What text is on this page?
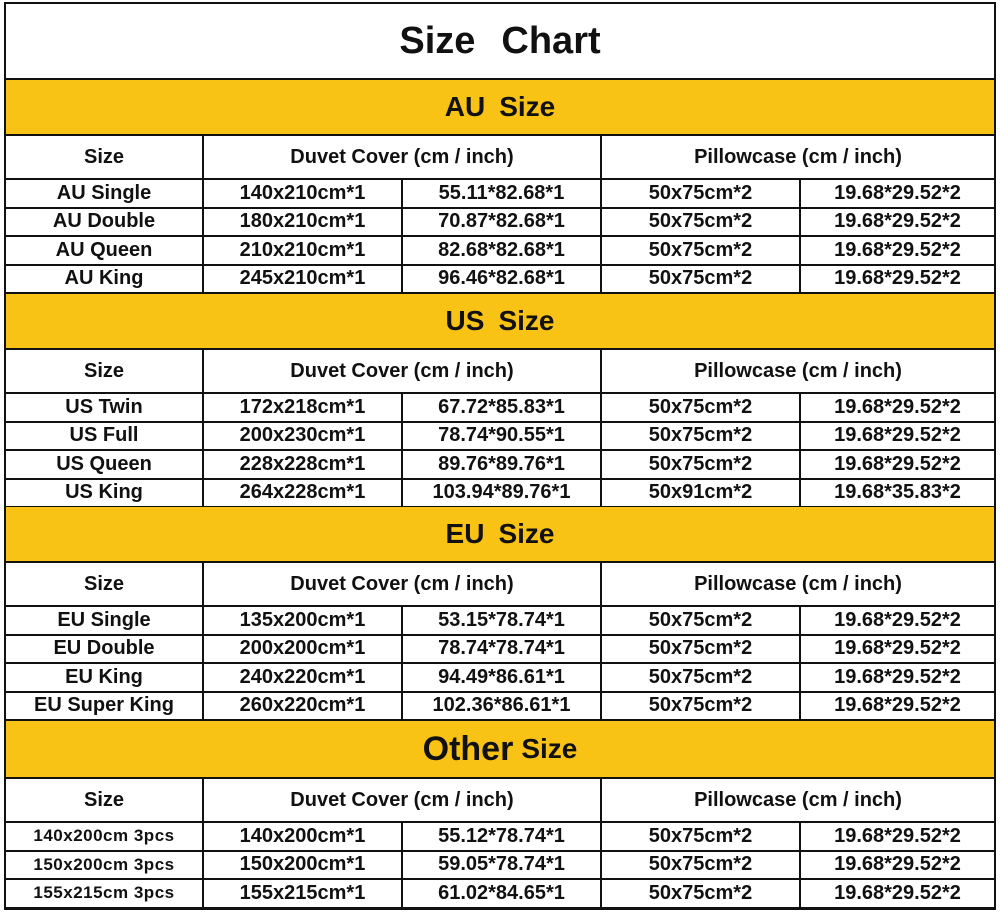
Size Chart
AU Size
Size	Duvet Cover (cm / inch)	Pillowcase (cm / inch)
AU Single	140x210cm*1	55.11*82.68*1	50x75cm*2	19.68*29.52*2
AU Double	180x210cm*1	70.87*82.68*1	50x75cm*2	19.68*29.52*2
AU Queen	210x210cm*1	82.68*82.68*1	50x75cm*2	19.68*29.52*2
AU King	245x210cm*1	96.46*82.68*1	50x75cm*2	19.68*29.52*2
US Size
Size	Duvet Cover (cm / inch)	Pillowcase (cm / inch)
US Twin	172x218cm*1	67.72*85.83*1	50x75cm*2	19.68*29.52*2
US Full	200x230cm*1	78.74*90.55*1	50x75cm*2	19.68*29.52*2
US Queen	228x228cm*1	89.76*89.76*1	50x75cm*2	19.68*29.52*2
US King	264x228cm*1	103.94*89.76*1	50x91cm*2	19.68*35.83*2
EU Size
Size	Duvet Cover (cm / inch)	Pillowcase (cm / inch)
EU Single	135x200cm*1	53.15*78.74*1	50x75cm*2	19.68*29.52*2
EU Double	200x200cm*1	78.74*78.74*1	50x75cm*2	19.68*29.52*2
EU King	240x220cm*1	94.49*86.61*1	50x75cm*2	19.68*29.52*2
EU Super King	260x220cm*1	102.36*86.61*1	50x75cm*2	19.68*29.52*2
Other Size
Size	Duvet Cover (cm / inch)	Pillowcase (cm / inch)
140x200cm 3pcs	140x200cm*1	55.12*78.74*1	50x75cm*2	19.68*29.52*2
150x200cm 3pcs	150x200cm*1	59.05*78.74*1	50x75cm*2	19.68*29.52*2
155x215cm 3pcs	155x215cm*1	61.02*84.65*1	50x75cm*2	19.68*29.52*2
